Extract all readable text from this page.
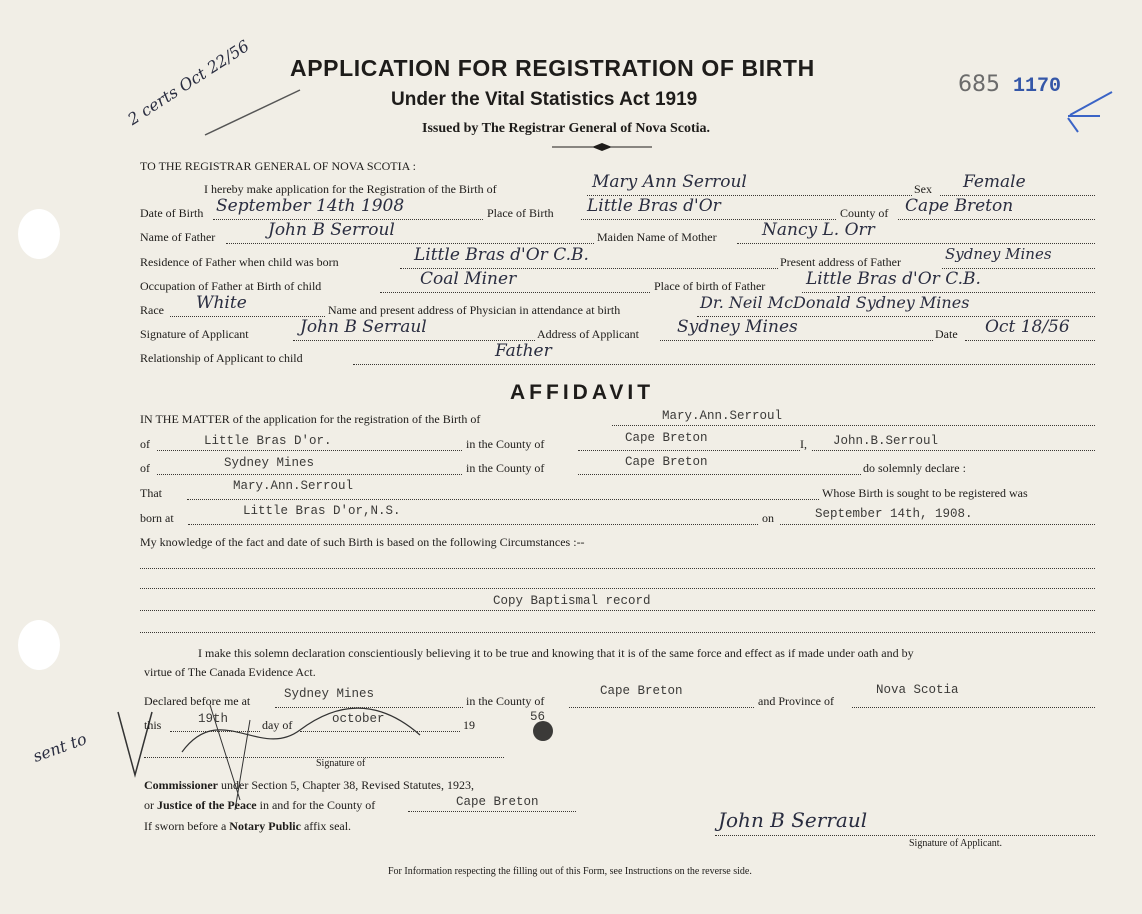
2 certs Oct 22/56	685 1170
sent to
APPLICATION FOR REGISTRATION OF BIRTH
Under the Vital Statistics Act 1919
Issued by The Registrar General of Nova Scotia.
TO THE REGISTRAR GENERAL OF NOVA SCOTIA :
I hereby make application for the Registration of the Birth of	Mary Ann Serroul	Sex Female
Date of Birth September 14th 1908	Place of Birth Little Bras d'Or	County of Cape Breton
Name of Father	John B Serroul	Maiden Name of Mother	Nancy L. Orr
Residence of Father when child was born	Little Bras d'Or C.B.	Present address of Father	Sydney Mines
Occupation of Father at Birth of child	Coal Miner	Place of birth of Father Little Bras d'Or C.B.
Race White	Name and present address of Physician in attendance at birth	Dr. Neil McDonald Sydney Mines
Signature of Applicant	John B Serraul	Address of Applicant Sydney Mines	Date Oct 18/56
Relationship of Applicant to child	Father
AFFIDAVIT
IN THE MATTER of the application for the registration of the Birth of	Mary.Ann.Serroul
of	Little Bras D'or.	in the County of	Cape Breton	I, John.B.Serroul
of	Sydney Mines	in the County of	Cape Breton	do solemnly declare :
That	Mary.Ann.Serroul	Whose Birth is sought to be registered was
born at	Little Bras D'or,N.S.	on	September 14th, 1908.
My knowledge of the fact and date of such Birth is based on the following Circumstances :--
Copy Baptismal record
I make this solemn declaration conscientiously believing it to be true and knowing that it is of the same force and effect as if made under oath and by
virtue of The Canada Evidence Act.
Declared before me at	Sydney Mines	in the County of
Cape Breton
and Province of
Nova Scotia
this	19th	day of	october	19
56
Signature of
Commissioner under Section 5, Chapter 38, Revised Statutes, 1923,
or Justice of the Peace in and for the County of	Cape Breton
If sworn before a Notary Public affix seal.	John B Serraul
Signature of Applicant.
For Information respecting the filling out of this Form, see Instructions on the reverse side.
